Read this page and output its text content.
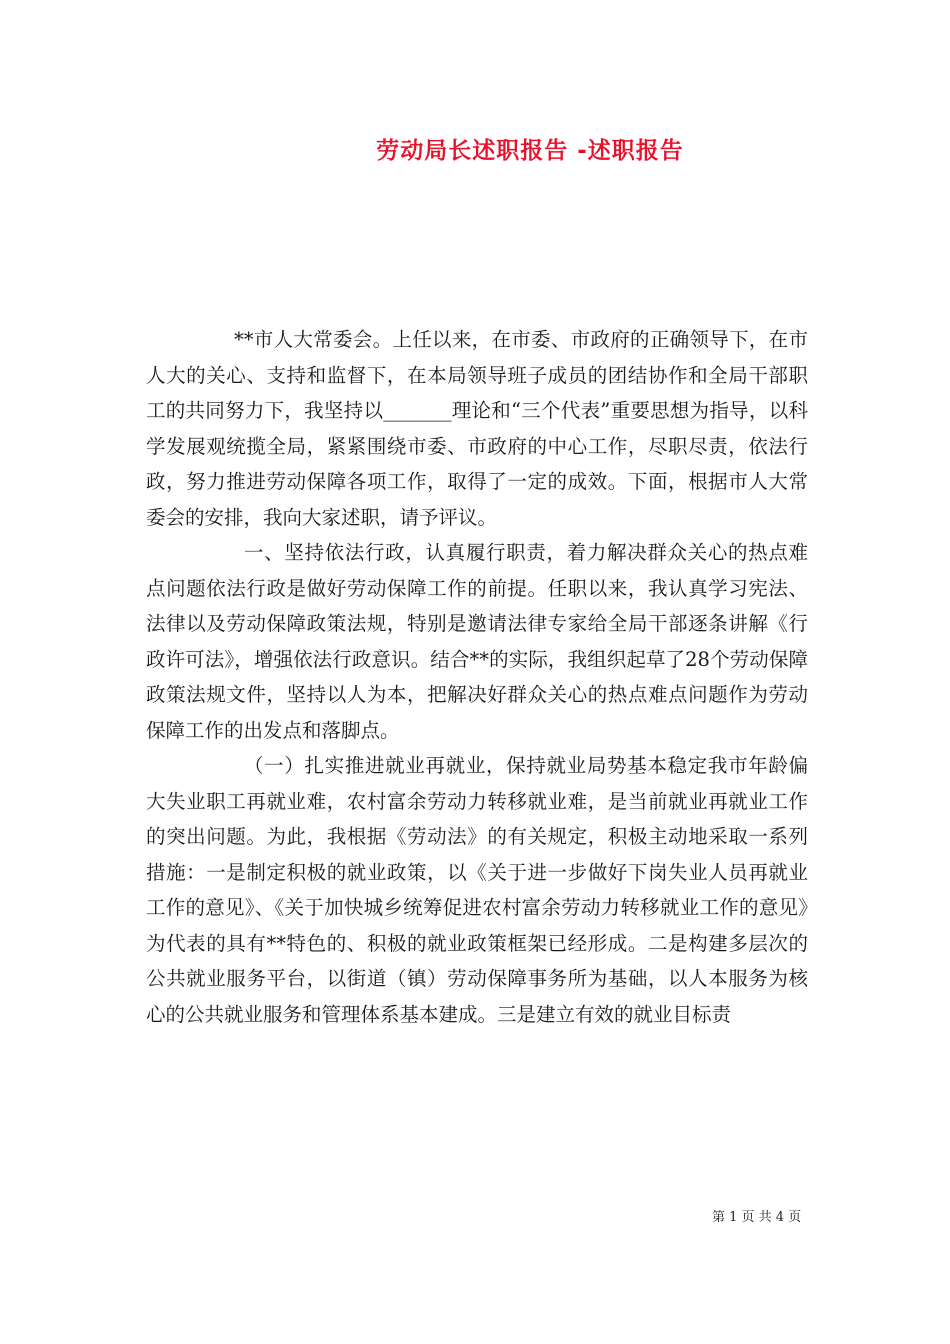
劳动局长述职报告 -述职报告

**市人大常委会。上任以来，在市委、市政府的正确领导下，在市人大的关心、支持和监督下，在本局领导班子成员的团结协作和全局干部职工的共同努力下，我坚持以_______理论和“三个代表”重要思想为指导，以科学发展观统揽全局，紧紧围绕市委、市政府的中心工作，尽职尽责，依法行政，努力推进劳动保障各项工作，取得了一定的成效。下面，根据市人大常委会的安排，我向大家述职，请予评议。

一、坚持依法行政，认真履行职责，着力解决群众关心的热点难点问题依法行政是做好劳动保障工作的前提。任职以来，我认真学习宪法、法律以及劳动保障政策法规，特别是邀请法律专家给全局干部逐条讲解《行政许可法》，增强依法行政意识。结合**的实际，我组织起草了28个劳动保障政策法规文件，坚持以人为本，把解决好群众关心的热点难点问题作为劳动保障工作的出发点和落脚点。

（一）扎实推进就业再就业，保持就业局势基本稳定我市年龄偏大失业职工再就业难，农村富余劳动力转移就业难，是当前就业再就业工作的突出问题。为此，我根据《劳动法》的有关规定，积极主动地采取一系列措施：一是制定积极的就业政策，以《关于进一步做好下岗失业人员再就业工作的意见》、《关于加快城乡统筹促进农村富余劳动力转移就业工作的意见》为代表的具有**特色的、积极的就业政策框架已经形成。二是构建多层次的公共就业服务平台，以街道（镇）劳动保障事务所为基础，以人本服务为核心的公共就业服务和管理体系基本建成。三是建立有效的就业目标责

第 1 页 共 4 页
